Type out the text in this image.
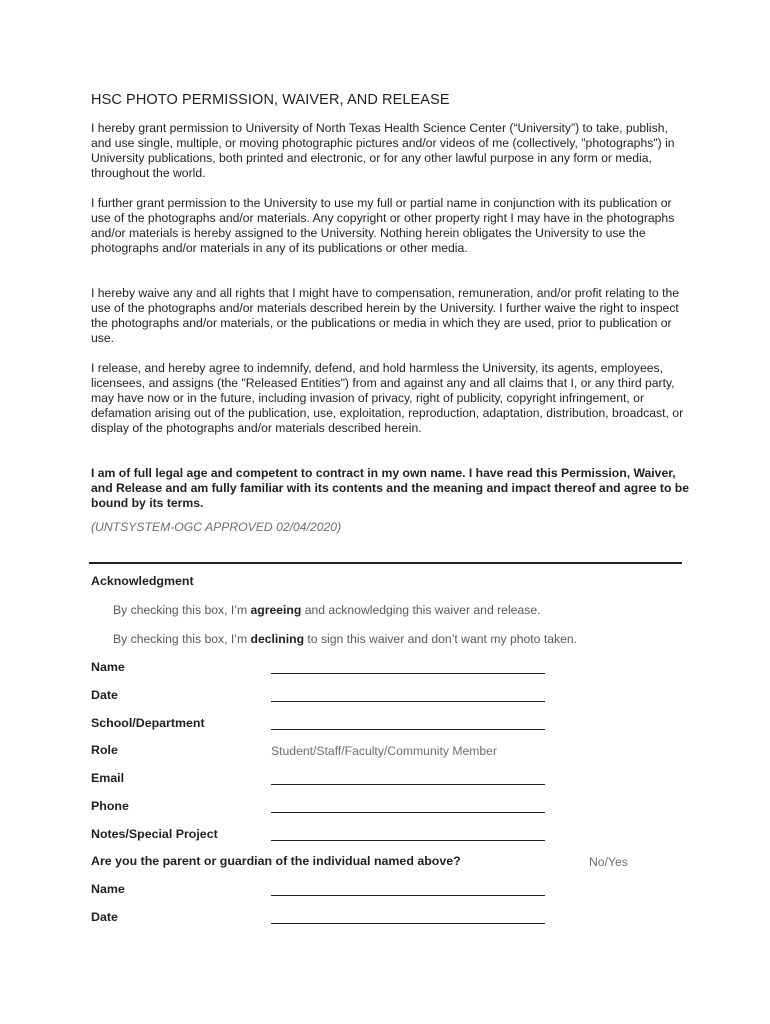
HSC PHOTO PERMISSION, WAIVER, AND RELEASE

I hereby grant permission to University of North Texas Health Science Center (“University”) to take, publish, and use single, multiple, or moving photographic pictures and/or videos of me (collectively, "photographs") in University publications, both printed and electronic, or for any other lawful purpose in any form or media, throughout the world.

I further grant permission to the University to use my full or partial name in conjunction with its publication or use of the photographs and/or materials. Any copyright or other property right I may have in the photographs and/or materials is hereby assigned to the University. Nothing herein obligates the University to use the photographs and/or materials in any of its publications or other media.

I hereby waive any and all rights that I might have to compensation, remuneration, and/or profit relating to the use of the photographs and/or materials described herein by the University. I further waive the right to inspect the photographs and/or materials, or the publications or media in which they are used, prior to publication or use.

I release, and hereby agree to indemnify, defend, and hold harmless the University, its agents, employees, licensees, and assigns (the "Released Entities") from and against any and all claims that I, or any third party, may have now or in the future, including invasion of privacy, right of publicity, copyright infringement, or defamation arising out of the publication, use, exploitation, reproduction, adaptation, distribution, broadcast, or display of the photographs and/or materials described herein.

I am of full legal age and competent to contract in my own name. I have read this Permission, Waiver, and Release and am fully familiar with its contents and the meaning and impact thereof and agree to be bound by its terms.

(UNTSYSTEM-OGC APPROVED 02/04/2020)

Acknowledgment

By checking this box, I’m agreeing and acknowledging this waiver and release.

By checking this box, I’m declining to sign this waiver and don’t want my photo taken.

Name
Date
School/Department
Role	Student/Staff/Faculty/Community Member
Email
Phone
Notes/Special Project
Are you the parent or guardian of the individual named above?	No/Yes
Name
Date
